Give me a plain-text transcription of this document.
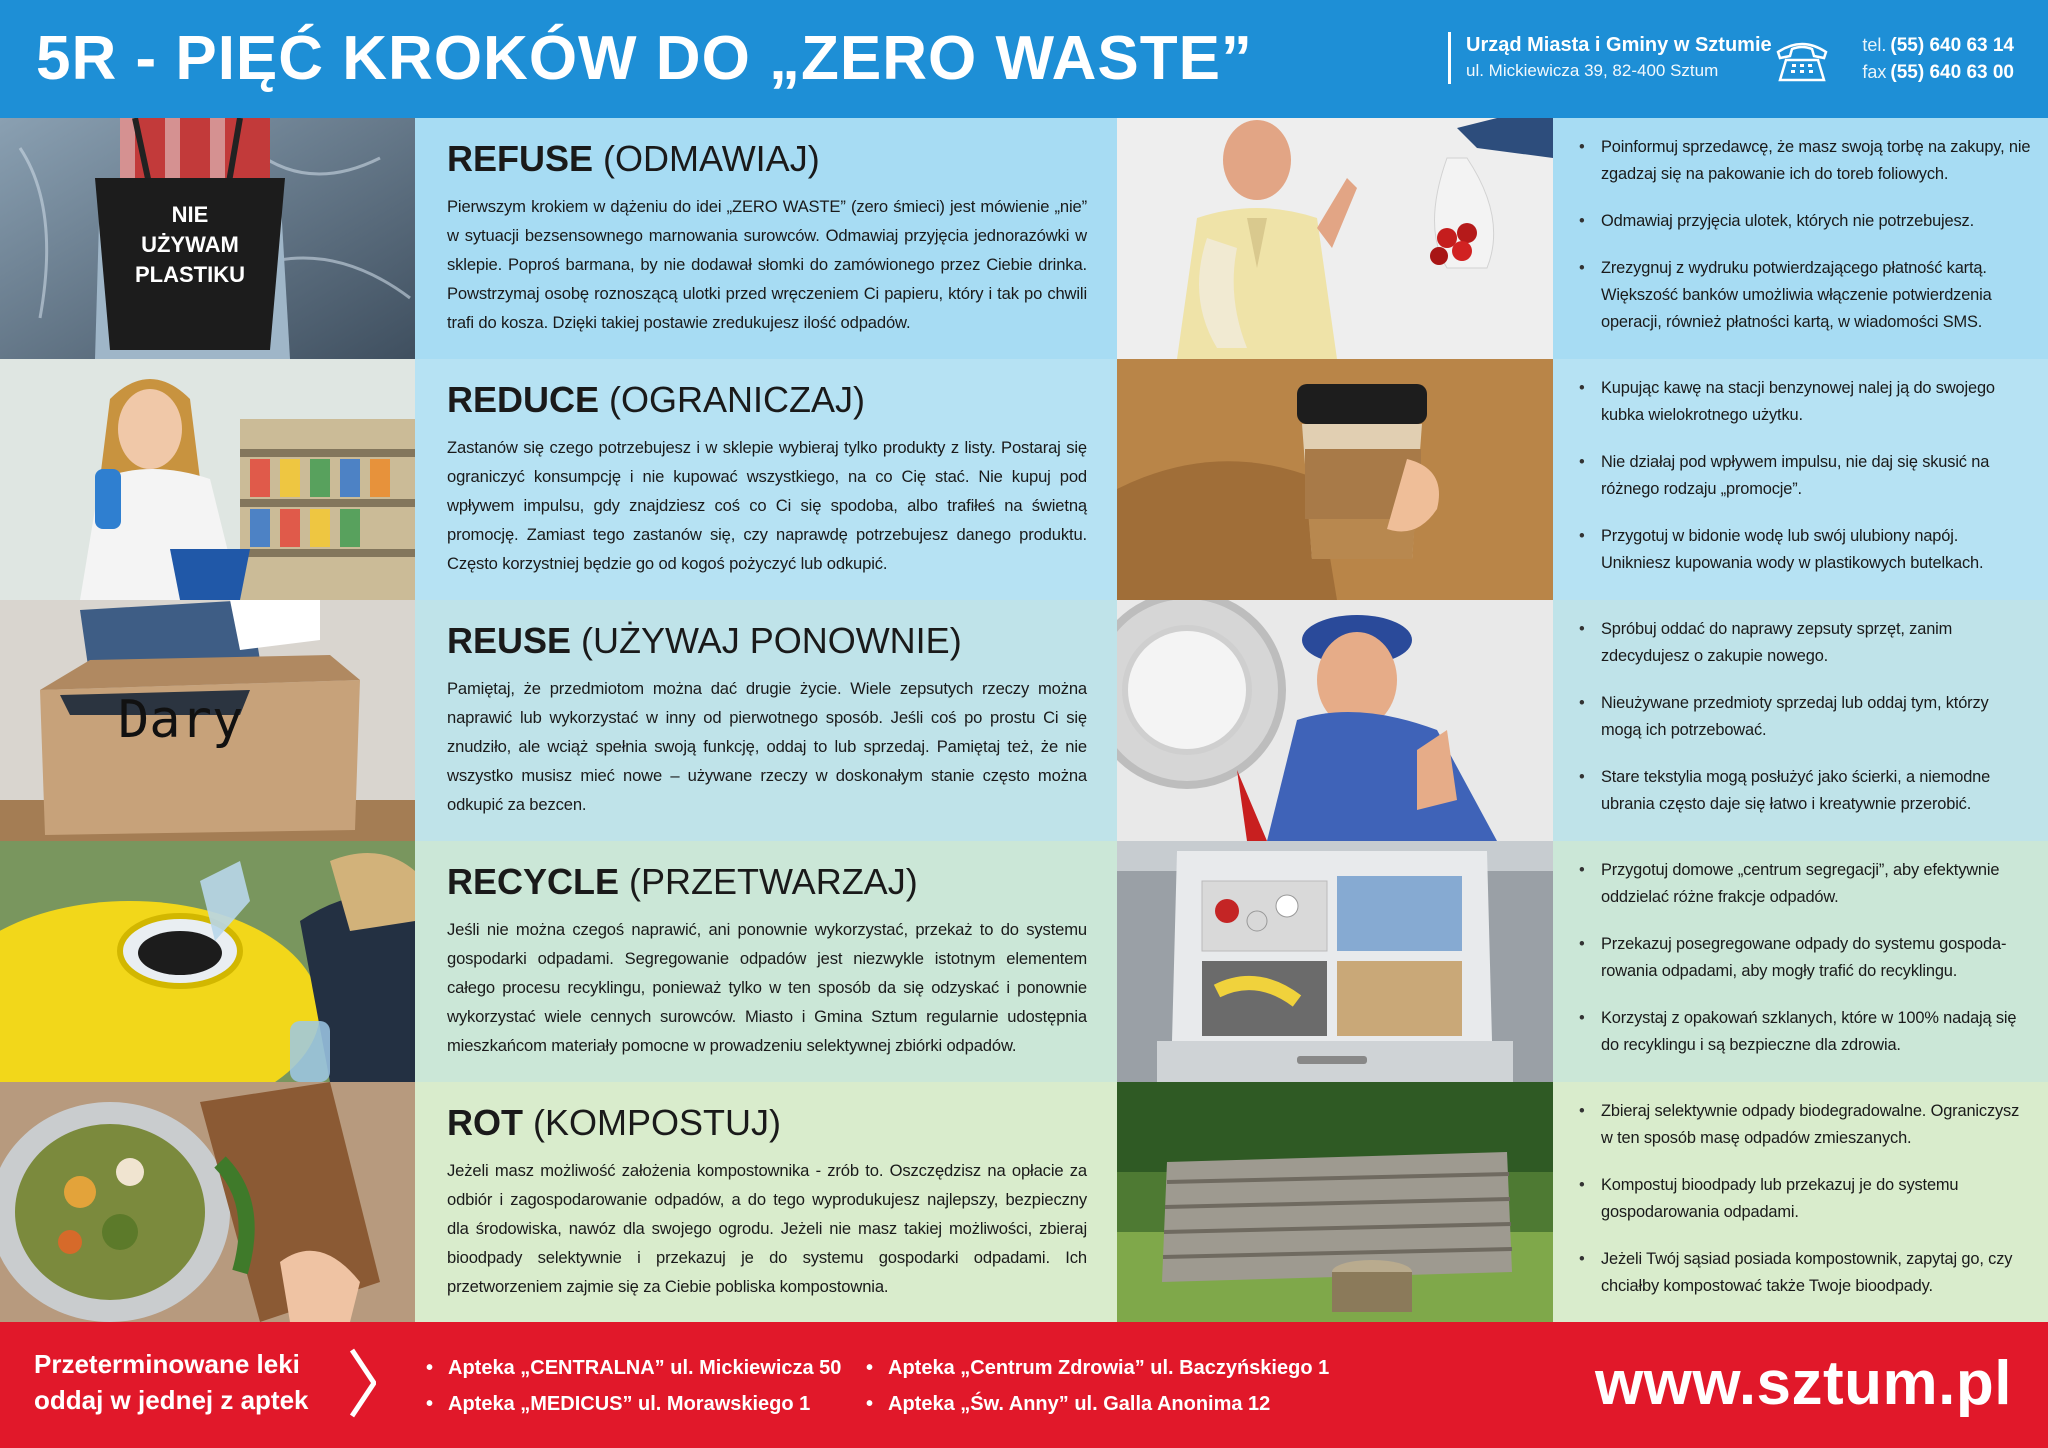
5R - PIĘĆ KROKÓW DO „ZERO WASTE”	Urząd Miasta i Gminy w Sztumie
ul. Mickiewicza 39, 82-400 Sztum
tel. (55) 640 63 14
fax (55) 640 63 00
NIE
UŻYWAM
PLASTIKU
REFUSE (ODMAWIAJ)

Pierwszym krokiem w dążeniu do idei „ZERO WASTE” (zero śmieci) jest mówienie „nie” w sytuacji bezsensownego marnowania surowców. Odmawiaj przyjęcia jednorazówki w sklepie. Poproś barmana, by nie dodawał słomki do zamówionego przez Ciebie drinka. Powstrzymaj osobę roznoszącą ulotki przed wręczeniem Ci papieru, który i tak po chwili trafi do kosza. Dzięki takiej postawie zredukujesz ilość odpadów.

• Poinformuj sprzedawcę, że masz swoją torbę na zakupy, nie zgadzaj się na pakowanie ich do toreb foliowych.
• Odmawiaj przyjęcia ulotek, których nie potrzebujesz.
• Zrezygnuj z wydruku potwierdzającego płatność kartą. Większość banków umożliwia włączenie potwierdzenia operacji, również płatności kartą, w wiadomości SMS.
REDUCE (OGRANICZAJ)

Zastanów się czego potrzebujesz i w sklepie wybieraj tylko produkty z listy. Postaraj się ograniczyć konsumpcję i nie kupować wszystkiego, na co Cię stać. Nie kupuj pod wpływem impulsu, gdy znajdziesz coś co Ci się spodoba, albo trafiłeś na świetną promocję. Zamiast tego zastanów się, czy naprawdę potrzebujesz danego produktu. Często korzystniej będzie go od kogoś pożyczyć lub odkupić.

• Kupując kawę na stacji benzynowej nalej ją do swojego kubka wielokrotnego użytku.
• Nie działaj pod wpływem impulsu, nie daj się skusić na różnego rodzaju „promocje”.
• Przygotuj w bidonie wodę lub swój ulubiony napój. Unikniesz kupowania wody w plastikowych butelkach.
Dary
REUSE (UŻYWAJ PONOWNIE)

Pamiętaj, że przedmiotom można dać drugie życie. Wiele zepsutych rzeczy można naprawić lub wykorzystać w inny od pierwotnego sposób. Jeśli coś po prostu Ci się znudziło, ale wciąż spełnia swoją funkcję, oddaj to lub sprzedaj. Pamiętaj też, że nie wszystko musisz mieć nowe – używane rzeczy w doskonałym stanie często można odkupić za bezcen.

• Spróbuj oddać do naprawy zepsuty sprzęt, zanim zdecydujesz o zakupie nowego.
• Nieużywane przedmioty sprzedaj lub oddaj tym, którzy mogą ich potrzebować.
• Stare tekstylia mogą posłużyć jako ścierki, a niemodne ubrania często daje się łatwo i kreatywnie przerobić.
RECYCLE (PRZETWARZAJ)

Jeśli nie można czegoś naprawić, ani ponownie wykorzystać, przekaż to do systemu gospodarki odpadami. Segregowanie odpadów jest niezwykle istotnym elementem całego procesu recyklingu, ponieważ tylko w ten sposób da się odzyskać i ponownie wykorzystać wiele cennych surowców. Miasto i Gmina Sztum regularnie udostępnia mieszkańcom materiały pomocne w prowadzeniu selektywnej zbiórki odpadów.

• Przygotuj domowe „centrum segregacji”, aby efektywnie oddzielać różne frakcje odpadów.
• Przekazuj posegregowane odpady do systemu gospoda-rowania odpadami, aby mogły trafić do recyklingu.
• Korzystaj z opakowań szklanych, które w 100% nadają się do recyklingu i są bezpieczne dla zdrowia.
ROT (KOMPOSTUJ)

Jeżeli masz możliwość założenia kompostownika - zrób to. Oszczędzisz na opłacie za odbiór i zagospodarowanie odpadów, a do tego wyprodukujesz najlepszy, bezpieczny dla środowiska, nawóz dla swojego ogrodu. Jeżeli nie masz takiej możliwości, zbieraj bioodpady selektywnie i przekazuj je do systemu gospodarki odpadami. Ich przetworzeniem zajmie się za Ciebie pobliska kompostownia.

• Zbieraj selektywnie odpady biodegradowalne. Ograniczysz w ten sposób masę odpadów zmieszanych.
• Kompostuj bioodpady lub przekazuj je do systemu gospodarowania odpadami.
• Jeżeli Twój sąsiad posiada kompostownik, zapytaj go, czy chciałby kompostować także Twoje bioodpady.
Przeterminowane leki
oddaj w jednej z aptek
• Apteka „CENTRALNA” ul. Mickiewicza 50
• Apteka „MEDICUS” ul. Morawskiego 1
• Apteka „Centrum Zdrowia” ul. Baczyńskiego 1
• Apteka „Św. Anny” ul. Galla Anonima 12	www.sztum.pl
